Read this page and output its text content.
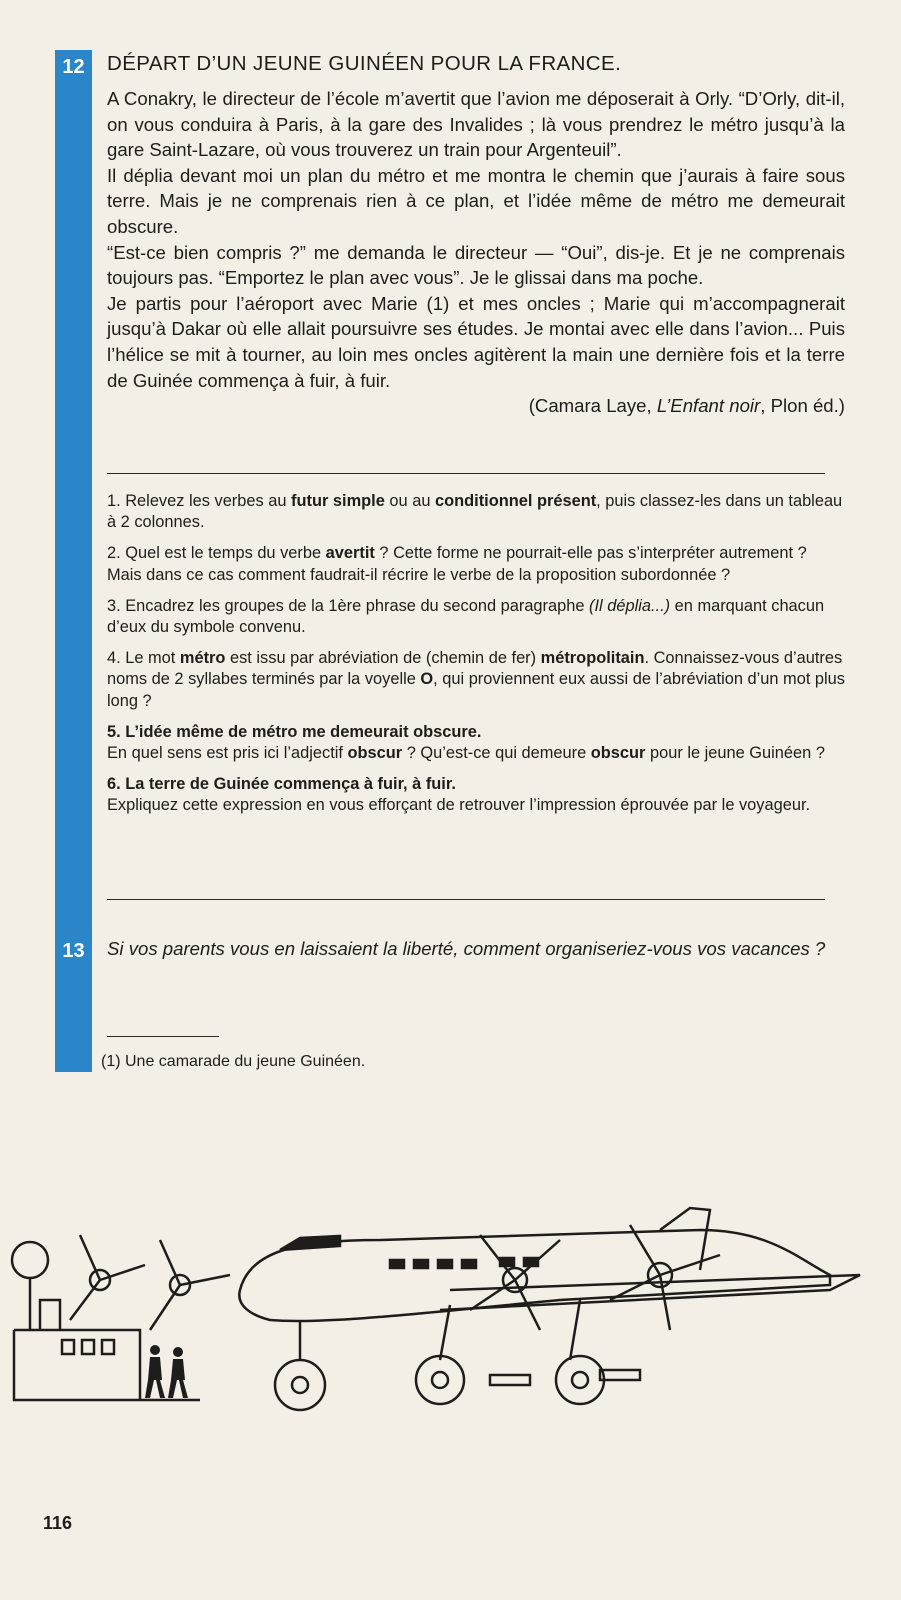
12
13
DÉPART D’UN JEUNE GUINÉEN POUR LA FRANCE.

A Conakry, le directeur de l’école m’avertit que l’avion me déposerait à Orly. “D’Orly, dit-il, on vous conduira à Paris, à la gare des Invalides ; là vous prendrez le métro jusqu’à la gare Saint-Lazare, où vous trouverez un train pour Argenteuil”.

Il déplia devant moi un plan du métro et me montra le chemin que j’aurais à faire sous terre. Mais je ne comprenais rien à ce plan, et l’idée même de métro me demeurait obscure.

“Est-ce bien compris ?” me demanda le directeur — “Oui”, dis-je. Et je ne comprenais toujours pas. “Emportez le plan avec vous”. Je le glissai dans ma poche.

Je partis pour l’aéroport avec Marie (1) et mes oncles ; Marie qui m’accompagnerait jusqu’à Dakar où elle allait poursuivre ses études. Je montai avec elle dans l’avion... Puis l’hélice se mit à tourner, au loin mes oncles agitèrent la main une dernière fois et la terre de Guinée commença à fuir, à fuir.

(Camara Laye, L’Enfant noir, Plon éd.)

1. Relevez les verbes au futur simple ou au conditionnel présent, puis classez-les dans un tableau à 2 colonnes.

2. Quel est le temps du verbe avertit ? Cette forme ne pourrait-elle pas s’interpréter autrement ? Mais dans ce cas comment faudrait-il récrire le verbe de la proposition subordonnée ?

3. Encadrez les groupes de la 1ère phrase du second paragraphe (Il déplia...) en marquant chacun d’eux du symbole convenu.

4. Le mot métro est issu par abréviation de (chemin de fer) métropolitain. Connaissez-vous d’autres noms de 2 syllabes terminés par la voyelle O, qui proviennent eux aussi de l’abréviation d’un mot plus long ?

5. L’idée même de métro me demeurait obscure.
En quel sens est pris ici l’adjectif obscur ? Qu’est-ce qui demeure obscur pour le jeune Guinéen ?

6. La terre de Guinée commença à fuir, à fuir.
Expliquez cette expression en vous efforçant de retrouver l’impression éprouvée par le voyageur.

Si vos parents vous en laissaient la liberté, comment organiseriez-vous vos vacances ?
(1) Une camarade du jeune Guinéen.
116
